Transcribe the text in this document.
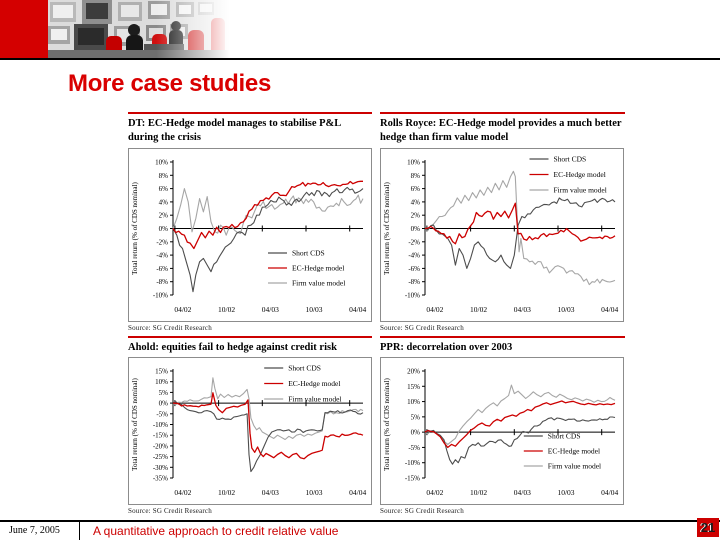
More case studies
DT: EC-Hedge model manages to stabilise P&L during the crisis
10%
8%
6%
4%
2%
0%
-2%
-4%
-6%
-8%
-10%
04/02	10/02	04/03	10/03	04/04
Total return (% of CDS nominal)	Short CDS
EC-Hedge model
Firm value model
Source: SG Credit Research
Rolls Royce: EC-Hedge model provides a much better hedge than firm value model
10%
8%
6%
4%
2%
0%
-2%
-4%
-6%
-8%
-10%
04/02	10/02	04/03	10/03	04/04
Total return (% of CDS nominal)
Short CDS
EC-Hedge model
Firm value model
Source: SG Credit Research
Ahold: equities fail to hedge against credit risk
15%
10%
5%
0%
-5%
-10%
-15%
-20%
-25%
-30%
-35%
04/02	10/02	04/03	10/03	04/04
Total return (% of CDS nominal)
Short CDS
EC-Hedge model
Firm value model
Source: SG Credit Research
PPR: decorrelation over 2003
20%
15%
10%
5%
0%
-5%
-10%
-15%
04/02	10/02	04/03	10/03	04/04
Total return (% of CDS nominal)	Short CDS
EC-Hedge model
Firm value model
Source: SG Credit Research
June 7, 2005	A quantitative approach to credit relative value	21
